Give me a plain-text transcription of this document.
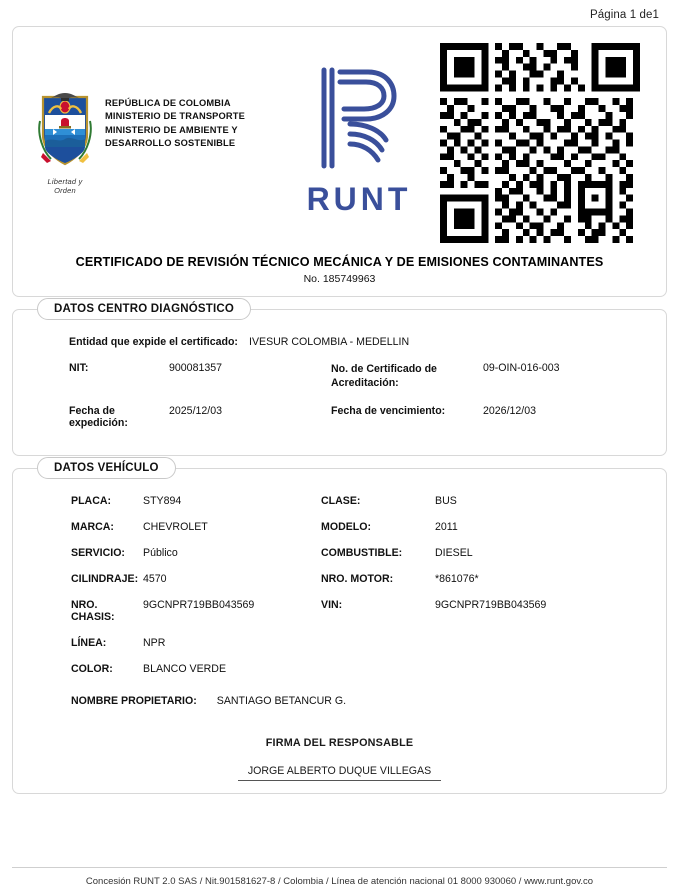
Página 1 de1
Libertad y Orden
REPÚBLICA DE COLOMBIA
MINISTERIO DE TRANSPORTE
MINISTERIO DE AMBIENTE Y
DESARROLLO SOSTENIBLE
RUNT
CERTIFICADO DE REVISIÓN TÉCNICO MECÁNICA Y DE EMISIONES CONTAMINANTES
No. 185749963
DATOS CENTRO DIAGNÓSTICO
Entidad que expide el certificado:	IVESUR COLOMBIA - MEDELLIN
NIT:	900081357	No. de Certificado de Acreditación:
09-OIN-016-003
Fecha de expedición:
2025/12/03	Fecha de vencimiento:	2026/12/03
DATOS VEHÍCULO
PLACA:	STY894	CLASE:	BUS
MARCA:	CHEVROLET	MODELO:	2011
SERVICIO:	Público	COMBUSTIBLE:	DIESEL
CILINDRAJE: 4570	NRO. MOTOR:	*861076*
NRO. CHASIS:
9GCNPR719BB043569	VIN:	9GCNPR719BB043569
LÍNEA:	NPR
COLOR:	BLANCO VERDE
NOMBRE PROPIETARIO:	SANTIAGO BETANCUR G.
FIRMA DEL RESPONSABLE
JORGE ALBERTO DUQUE VILLEGAS
Concesión RUNT 2.0 SAS / Nit.901581627-8 / Colombia / Línea de atención nacional 01 8000 930060 / www.runt.gov.co
